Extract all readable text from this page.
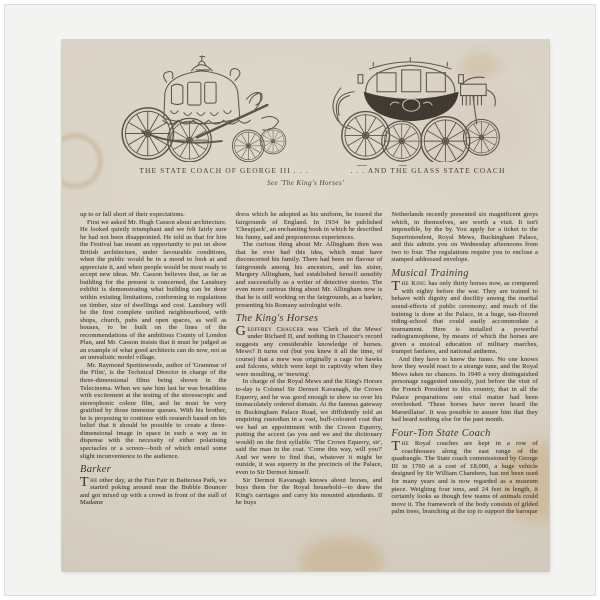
THE STATE COACH OF GEORGE III . . .	. . . AND THE GLASS STATE COACH
See 'The King's Horses'

up to or fall short of their expectations.

First we asked Mr. Hugh Casson about architecture. He looked quietly triumphant and we felt fairly sure he had not been disappointed. He told us that for him the Festival has meant an opportunity to put on show British architecture, under favourable conditions, when the public would be in a mood to look at and appreciate it, and when people would be most ready to accept new ideas. Mr. Casson believes that, as far as building for the present is concerned, the Lansbury exhibit is demonstrating what building can be done within existing limitations, conforming to regulations on timber, size of dwellings and cost. Lansbury will be the first complete unified neighbourhood, with shops, church, pubs and open spaces, as well as houses, to be built on the lines of the recommendations of the ambitious County of London Plan, and Mr. Casson insists that it must be judged as an example of what good architects can do now, not as an unrealistic model village.

Mr. Raymond Spottiswoode, author of 'Grammar of the Film', is the Technical Director in charge of the three-dimensional films being shown in the Telecinema. When we saw him last he was breathless with excitement at the testing of the stereoscopic and stereophonic colour film, and he must be very gratified by those immense queues. With his brother, he is proposing to continue with research based on his belief that it should be possible to create a three-dimensional image in space in such a way as to dispense with the necessity of either polarising spectacles or a screen—both of which entail some slight inconvenience to the audience.

Barker

The other day, at the Fun Fair in Battersea Park, we started poking around near the Bubble Bouncer and got mixed up with a crowd in front of the stall of Madame

dress which he adopted as his uniform, he toured the fairgrounds of England. In 1934 he published 'Cheapjack', an enchanting book in which he described his funny, sad and preposterous experiences.

The curious thing about Mr. Allingham then was that he ever had this idea, which must have disconcerted his family. There had been no flavour of fairgrounds among his ancestors, and his sister, Margery Allingham, had established herself sensibly and successfully as a writer of detective stories. The even more curious thing about Mr. Allingham now is that he is still working on the fairgrounds, as a barker, presenting his Romany astrologist wife.

The King's Horses

Geoffrey Chaucer was 'Clerk of the Mews' under Richard II, and nothing in Chaucer's record suggests any considerable knowledge of horses. Mews? It turns out (but you knew it all the time, of course) that a mew was originally a cage for hawks and falcons, which were kept in captivity when they were moulting, or 'mewing'.

In charge of the Royal Mews and the King's Horses to-day is Colonel Sir Dermot Kavanagh, the Crown Equerry, and he was good enough to show us over his immaculately ordered domain. At the famous gateway in Buckingham Palace Road, we diffidently told an enquiring custodian in a vast, buff-coloured coat that we had an appointment with the Crown Equerry, putting the accent (as you and we and the dictionary would) on the first syllable. 'The Crown Equerry, sir', said the man in the coat. 'Come this way, will you?' And we were to find that, whatever it might be outside, it was equerry in the precincts of the Palace, even to Sir Dermot himself.

Sir Dermot Kavanagh knows about horses, and buys them for the Royal household—to draw the King's carriages and carry his mounted attendants. If he buys

Netherlands recently presented six magnificent greys which, in themselves, are worth a visit. It isn't impossible, by the by. You apply for a ticket to the Superintendent, Royal Mews, Buckingham Palace, and this admits you on Wednesday afternoons from two to four. The regulations require you to enclose a stamped addressed envelope.

Musical Training

The King has only thirty horses now, as compared with eighty before the war. They are trained to behave with dignity and docility among the martial sound-effects of public ceremony; and much of the training is done at the Palace, in a huge, tan-floored riding-school that could easily accommodate a tournament. Here is installed a powerful radiogramophone, by means of which the horses are given a musical education of military marches, trumpet fanfares, and national anthems.

And they have to know the tunes. No one knows how they would react to a strange tune, and the Royal Mews takes no chances. In 1949 a very distinguished personage suggested uneasily, just before the visit of the French President to this country, that in all the Palace preparations one vital matter had been overlooked. 'These horses have never heard the Marseillaise'. It was possible to assure him that they had heard nothing else for the past month.

Four-Ton State Coach

The Royal coaches are kept in a row of coachhouses along the east range of the quadrangle. The State coach commissioned by George III in 1760 at a cost of £8,000, a huge vehicle designed by Sir William Chambers, has not been used for many years and is now regarded as a museum piece. Weighing four tons, and 24 feet in length, it certainly looks as though few teams of animals could move it. The framework of the body consists of gilded palm trees, branching at the top to support the baroque
